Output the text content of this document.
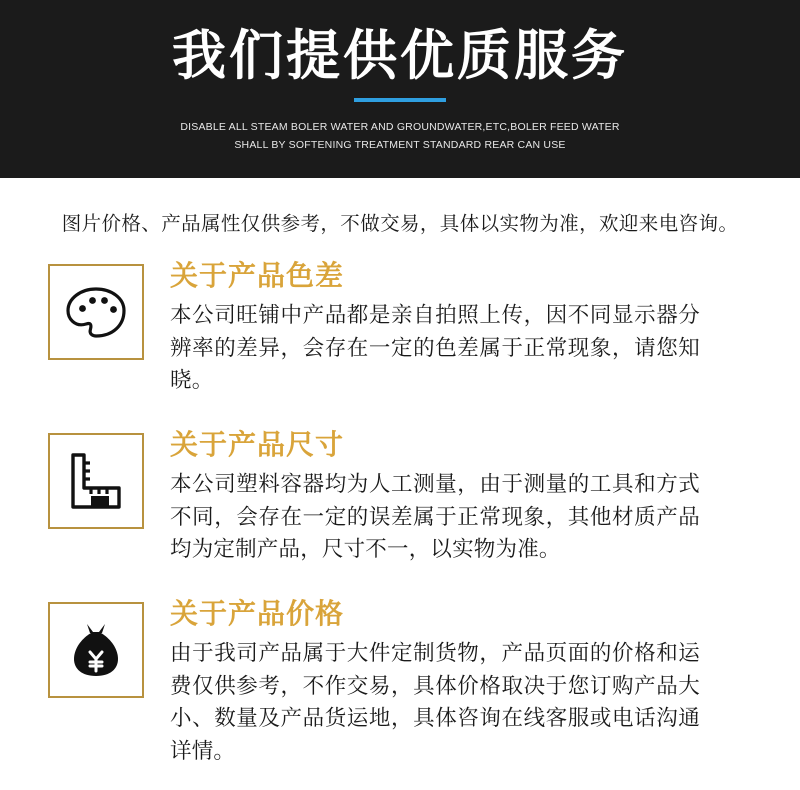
我们提供优质服务
DISABLE ALL STEAM BOLER WATER AND GROUNDWATER,ETC,BOLER FEED WATER
SHALL BY SOFTENING TREATMENT STANDARD REAR CAN USE
图片价格、产品属性仅供参考，不做交易，具体以实物为准，欢迎来电咨询。
关于产品色差

本公司旺铺中产品都是亲自拍照上传，因不同显示器分辨率的差异，会存在一定的色差属于正常现象，请您知晓。

关于产品尺寸

本公司塑料容器均为人工测量，由于测量的工具和方式不同，会存在一定的误差属于正常现象，其他材质产品均为定制产品，尺寸不一，以实物为准。

关于产品价格

由于我司产品属于大件定制货物，产品页面的价格和运费仅供参考，不作交易，具体价格取决于您订购产品大小、数量及产品货运地，具体咨询在线客服或电话沟通详情。
